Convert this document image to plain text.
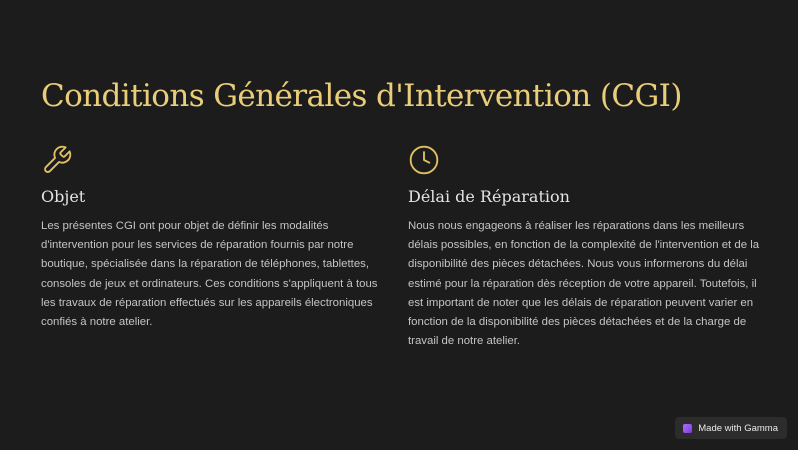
Conditions Générales d'Intervention (CGI)
Objet

Les présentes CGI ont pour objet de définir les modalités d'intervention pour les services de réparation fournis par notre boutique, spécialisée dans la réparation de téléphones, tablettes, consoles de jeux et ordinateurs. Ces conditions s'appliquent à tous les travaux de réparation effectués sur les appareils électroniques confiés à notre atelier.

Délai de Réparation

Nous nous engageons à réaliser les réparations dans les meilleurs délais possibles, en fonction de la complexité de l'intervention et de la disponibilité des pièces détachées. Nous vous informerons du délai estimé pour la réparation dès réception de votre appareil. Toutefois, il est important de noter que les délais de réparation peuvent varier en fonction de la disponibilité des pièces détachées et de la charge de travail de notre atelier.

Made with Gamma
